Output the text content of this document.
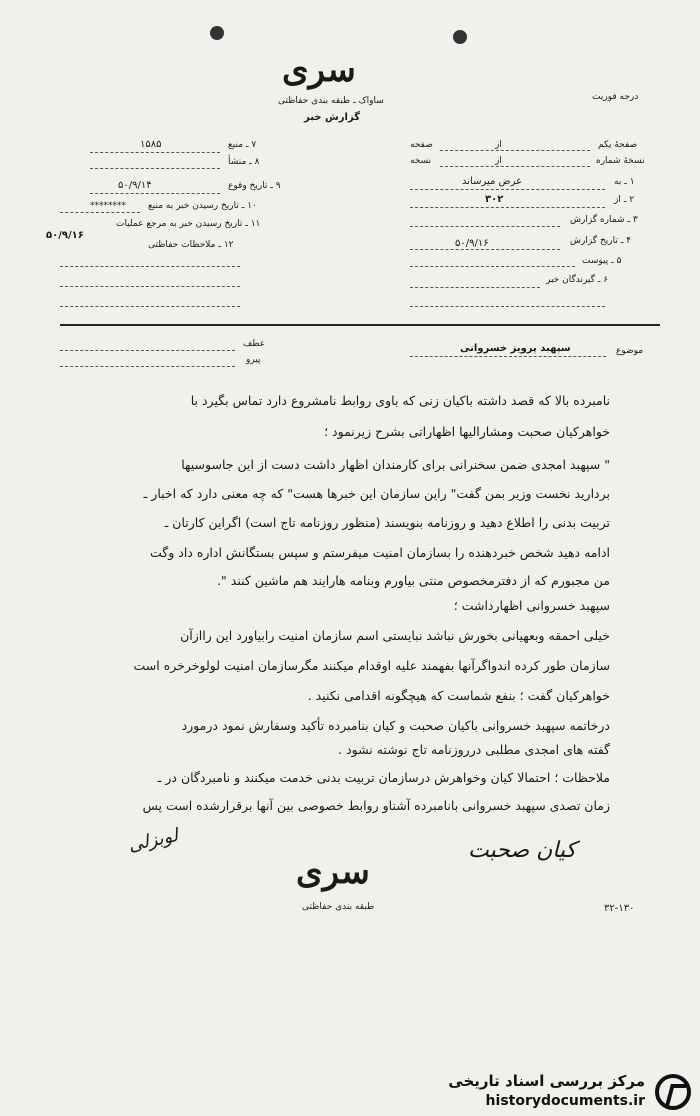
سری
ساواک ـ طبقه بندی حفاظتی
گزارش خبر
درجه فوریت
۷ ـ منبع
۱۵۸۵
۸ ـ منشأ
۹ ـ تاریخ وقوع
۵۰/۹/۱۴
۱۰ ـ تاریخ رسیدن خبر به منبع
********
۱۱ ـ تاریخ رسیدن خبر به مرجع عملیات
۵۰/۹/۱۶
۱۲ ـ ملاحظات حفاظتی
صفحهٔ یکم
از
صفحه
نسخهٔ شماره
از
نسخه
۱ ـ به
عرض میرساند
۲ ـ از
۳۰۲
۳ ـ شماره گزارش
۴ ـ تاریخ گزارش
۵۰/۹/۱۶
۵ ـ پیوست
۶ ـ گیرندگان خبر
موضوع
سپهبد پرویز خسروانی
عطف
پیرو
نامبرده بالا که قصد داشته باکیان زنی که باوی روابط نامشروع دارد تماس بگیرد با
خواهرکیان صحبت ومشارالیها اظهاراتی بشرح زیرنمود ؛
" سپهبد امجدی ضمن سخنرانی برای کارمندان اظهار داشت دست از این جاسوسیها
برداريد نخست وزير بمن گفت" راين سازمان اين خبرها هست" كه چه معنى دارد كه اخبار ـ
تربیت بدنی را اطلاع دهید و روزنامه بنویسند (منظور روزنامه تاج است) اگراین کارتان ـ
ادامه دهید شخص خبردهنده را بسازمان امنیت میفرستم و سپس بستگانش اداره داد وگت
من مجبورم که از دفترمخصوص منتی بیاورم وبنامه هارایند هم ماشین کنند ".
سپهبد خسروانی اظهارداشت ؛
خیلی احمقه وبعهیانی بخورش نباشد نبایستی اسم سازمان امنیت رابیاورد این راازآن
سازمان طور کرده اندواگرآنها بفهمند علیه اوقدام میکنند مگرسازمان امنیت لولوخرخره است
خواهرکیان گفت ؛ بنفع شماست که هیچگونه اقدامی نکنید .
درخاتمه سپهبد خسروانی باکیان صحبت و کیان بنامبرده تأکید وسفارش نمود درمورد
گفته های امجدی مطلبی درروزنامه تاج نوشته نشود .
ملاحظات ؛ احتمالا کیان وخواهرش درسازمان تربیت بدنی خدمت میکنند و نامبردگان در ـ
زمان تصدی سپهبد خسروانی بانامبرده آشناو روابط خصوصی بین آنها برقرارشده است پس
لوبزلی	کیان صحبت
سری
طبقه بندی حفاظتی	۳۲-۱۳۰
مرکز بررسی اسناد تاریخی
historydocuments.ir
